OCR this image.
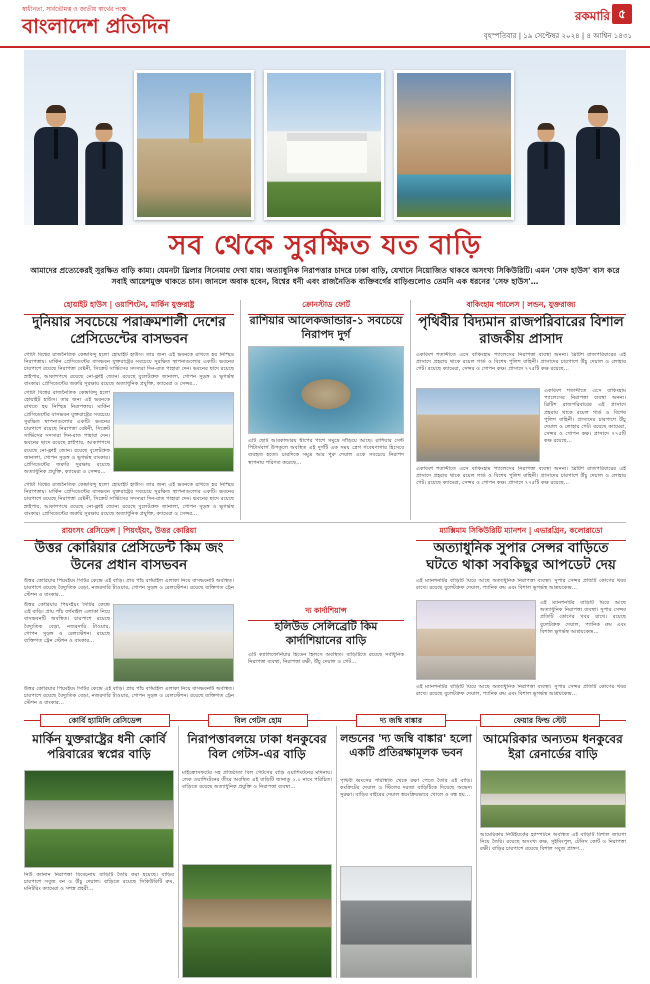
স্বাধীনতা, সার্বভৌমত্ব ও জাতীয় স্বার্থের পক্ষে
বাংলাদেশ প্রতিদিন	রকমারি ৫
বৃহস্পতিবার | ১৯ সেপ্টেম্বর ২০২৪ | ৪ আশ্বিন ১৪৩১
সব থেকে সুরক্ষিত যত বাড়ি
আমাদের প্রত্যেকেরই সুরক্ষিত বাড়ি কাম্য। যেমনটা থ্রিলার সিনেমায় দেখা যায়। অত্যাধুনিক নিরাপত্তার চাদরে ঢাকা বাড়ি, যেখানে নিয়োজিত থাকবে অসংখ্য সিকিউরিটি। এমন 'সেফ হাউস' বাস করে সবাই আয়েশমুক্ত থাকতে চান। জানলে অবাক হবেন, বিশ্বের ধনী এবং রাজনৈতিক ব্যক্তিবর্গের বাড়িগুলোও তেমনি এক ধরনের 'সেফ হাউস'…
হোয়াইট হাউস | ওয়াশিংটন, মার্কিন যুক্তরাষ্ট্র
দুনিয়ার সবচেয়ে পরাক্রমশালী দেশের প্রেসিডেন্টের বাসভবন
গোটা বিশ্বের রাজনৈতিক কেন্দ্রবিন্দু হলো হোয়াইট হাউস। তার জন্য এই ভবনকে রাখতে হয় নিশ্ছিদ্র নিরাপত্তায়। মার্কিন প্রেসিডেন্টের বাসভবন যুক্তরাষ্ট্রের সবচেয়ে সুরক্ষিত স্থাপনাগুলোর একটি। ভবনের চারপাশে রয়েছে নিরাপত্তা বেষ্টনী, সিক্রেট সার্ভিসের সদস্যরা দিন-রাত পাহারা দেন। ভবনের ছাদে রয়েছে স্নাইপার, আকাশপথে রয়েছে নো-ফ্লাই জোন। রয়েছে বুলেটপ্রুফ জানালা, গোপন সুড়ঙ্গ ও ভূগর্ভস্থ বাংকার। প্রেসিডেন্টের জরুরি সুরক্ষায় রয়েছে অত্যাধুনিক প্রযুক্তি, ক্যামেরা ও সেন্সর…
গোটা বিশ্বের রাজনৈতিক কেন্দ্রবিন্দু হলো হোয়াইট হাউস। তার জন্য এই ভবনকে রাখতে হয় নিশ্ছিদ্র নিরাপত্তায়। মার্কিন প্রেসিডেন্টের বাসভবন যুক্তরাষ্ট্রের সবচেয়ে সুরক্ষিত স্থাপনাগুলোর একটি। ভবনের চারপাশে রয়েছে নিরাপত্তা বেষ্টনী, সিক্রেট সার্ভিসের সদস্যরা দিন-রাত পাহারা দেন। ভবনের ছাদে রয়েছে স্নাইপার, আকাশপথে রয়েছে নো-ফ্লাই জোন। রয়েছে বুলেটপ্রুফ জানালা, গোপন সুড়ঙ্গ ও ভূগর্ভস্থ বাংকার। প্রেসিডেন্টের জরুরি সুরক্ষায় রয়েছে অত্যাধুনিক প্রযুক্তি, ক্যামেরা ও সেন্সর…
গোটা বিশ্বের রাজনৈতিক কেন্দ্রবিন্দু হলো হোয়াইট হাউস। তার জন্য এই ভবনকে রাখতে হয় নিশ্ছিদ্র নিরাপত্তায়। মার্কিন প্রেসিডেন্টের বাসভবন যুক্তরাষ্ট্রের সবচেয়ে সুরক্ষিত স্থাপনাগুলোর একটি। ভবনের চারপাশে রয়েছে নিরাপত্তা বেষ্টনী, সিক্রেট সার্ভিসের সদস্যরা দিন-রাত পাহারা দেন। ভবনের ছাদে রয়েছে স্নাইপার, আকাশপথে রয়েছে নো-ফ্লাই জোন। রয়েছে বুলেটপ্রুফ জানালা, গোপন সুড়ঙ্গ ও ভূগর্ভস্থ বাংকার। প্রেসিডেন্টের জরুরি সুরক্ষায় রয়েছে অত্যাধুনিক প্রযুক্তি, ক্যামেরা ও সেন্সর…
ক্রোনস্টাড ফোর্ট
রাশিয়ার আলেকজান্ডার-১ সবচেয়ে নিরাপদ দুর্গ
এটি ছোট আরকান্ডারয় দ্বীপের পাশে সমুদ্রে দাঁড়িয়ে আছে। রাশিয়ার সেন্ট পিটার্সবার্গ উপকূলে অবস্থিত এই দুর্গটি এক সময় প্লেগ গবেষণাগার হিসেবে ব্যবহৃত হতো। চারদিকে সমুদ্র আর পুরু দেয়াল একে সবচেয়ে নিরাপদ স্থাপনায় পরিণত করেছে…
বাকিংহাম প্যালেস | লন্ডন, যুক্তরাজ্য
পৃথিবীর বিদ্যমান রাজপরিবারের বিশাল রাজকীয় প্রাসাদ
একবিংশ শতাব্দীতে এসে বাকিংহাম প্যালেসের নিরাপত্তা ব্যবস্থা অনন্য। ব্রিটিশ রাজপরিবারের এই প্রাসাদে প্রহরায় থাকে রয়েল গার্ড ও বিশেষ পুলিশ বাহিনী। প্রাসাদের চারপাশে উঁচু দেয়াল ও লোহার গেট। রয়েছে ক্যামেরা, সেন্সর ও গোপন কক্ষ। প্রাসাদে ৭৭৫টি কক্ষ রয়েছে…
একবিংশ শতাব্দীতে এসে বাকিংহাম প্যালেসের নিরাপত্তা ব্যবস্থা অনন্য। ব্রিটিশ রাজপরিবারের এই প্রাসাদে প্রহরায় থাকে রয়েল গার্ড ও বিশেষ পুলিশ বাহিনী। প্রাসাদের চারপাশে উঁচু দেয়াল ও লোহার গেট। রয়েছে ক্যামেরা, সেন্সর ও গোপন কক্ষ। প্রাসাদে ৭৭৫টি কক্ষ রয়েছে…
একবিংশ শতাব্দীতে এসে বাকিংহাম প্যালেসের নিরাপত্তা ব্যবস্থা অনন্য। ব্রিটিশ রাজপরিবারের এই প্রাসাদে প্রহরায় থাকে রয়েল গার্ড ও বিশেষ পুলিশ বাহিনী। প্রাসাদের চারপাশে উঁচু দেয়াল ও লোহার গেট। রয়েছে ক্যামেরা, সেন্সর ও গোপন কক্ষ। প্রাসাদে ৭৭৫টি কক্ষ রয়েছে…
রায়ংসং রেসিডেন্স | পিয়ংইয়ং, উত্তর কোরিয়া
উত্তর কোরিয়ার প্রেসিডেন্ট কিম জং উনের প্রধান বাসভবন
উত্তর কোরিয়ার পিয়ংইয়ং সিটির কেন্দ্রে এই বাড়ি। প্রায় পাঁচ বর্গমাইল এলাকা নিয়ে বাসভবনটি অবস্থিত। চারপাশে রয়েছে বৈদ্যুতিক বেড়া, নজরদারি টাওয়ার, গোপন সুড়ঙ্গ ও রেলস্টেশন। রয়েছে ব্যক্তিগত ট্রেন স্টেশন ও বাংকার…
উত্তর কোরিয়ার পিয়ংইয়ং সিটির কেন্দ্রে এই বাড়ি। প্রায় পাঁচ বর্গমাইল এলাকা নিয়ে বাসভবনটি অবস্থিত। চারপাশে রয়েছে বৈদ্যুতিক বেড়া, নজরদারি টাওয়ার, গোপন সুড়ঙ্গ ও রেলস্টেশন। রয়েছে ব্যক্তিগত ট্রেন স্টেশন ও বাংকার…
উত্তর কোরিয়ার পিয়ংইয়ং সিটির কেন্দ্রে এই বাড়ি। প্রায় পাঁচ বর্গমাইল এলাকা নিয়ে বাসভবনটি অবস্থিত। চারপাশে রয়েছে বৈদ্যুতিক বেড়া, নজরদারি টাওয়ার, গোপন সুড়ঙ্গ ও রেলস্টেশন। রয়েছে ব্যক্তিগত ট্রেন স্টেশন ও বাংকার…
দ্য কার্দাশিয়ান্স
হলিউড সেলিব্রেটি কিম কার্দাশিয়ানের বাড়ি
এটি ক্যালিফোর্নিয়ার হিডেন হিলসে অবস্থিত। বাড়িটিতে রয়েছে সর্বাধুনিক নিরাপত্তা ব্যবস্থা, নিরাপত্তা রক্ষী, উঁচু দেয়াল ও গেট…
ম্যাক্সিমাম সিকিউরিটি ম্যানশন | এভারগ্রিন, কলোরাডো
অত্যাধুনিক সুপার সেন্সর বাড়িতে ঘটতে থাকা সবকিছুর আপডেট দেয়
এই ম্যানশনটির বাড়িটি ঘিরে আছে অত্যাধুনিক নিরাপত্তা ব্যবস্থা। সুপার সেন্সর প্রতিটি কোণের খবর রাখে। রয়েছে বুলেটপ্রুফ দেয়াল, প্যানিক রুম এবং বিশাল ভূগর্ভস্থ আশ্রয়কেন্দ্র…
এই ম্যানশনটির বাড়িটি ঘিরে আছে অত্যাধুনিক নিরাপত্তা ব্যবস্থা। সুপার সেন্সর প্রতিটি কোণের খবর রাখে। রয়েছে বুলেটপ্রুফ দেয়াল, প্যানিক রুম এবং বিশাল ভূগর্ভস্থ আশ্রয়কেন্দ্র…
এই ম্যানশনটির বাড়িটি ঘিরে আছে অত্যাধুনিক নিরাপত্তা ব্যবস্থা। সুপার সেন্সর প্রতিটি কোণের খবর রাখে। রয়েছে বুলেটপ্রুফ দেয়াল, প্যানিক রুম এবং বিশাল ভূগর্ভস্থ আশ্রয়কেন্দ্র…
কোর্বি হ্যামিলি রেসিডেন্স	বিল গেটস হোম	দ্য জম্বি বাঙ্কার	ফেয়ার ফিল্ড স্টেট
মার্কিন যুক্তরাষ্ট্রের ধনী কোর্বি পরিবারের স্বপ্নের বাড়ি
নিউ ক্যানান নিরাপত্তা বিবেচনায় বাড়িটি তৈরি করা হয়েছে। বাড়ির চারপাশে সবুজ বন ও উঁচু দেয়াল। বাড়িতে রয়েছে সিকিউরিটি রুম, মনিটরিং ক্যামেরা ও সশস্ত্র প্রহরী…
নিরাপত্তাবলয়ে ঢাকা ধনকুবের বিল গেটস-এর বাড়ি
মাইক্রোসফটের সহ প্রতিষ্ঠাতা বিল গেটসের বাড়ি ওয়াশিংটনের মদিনায়। লেক ওয়াশিংটনের তীরে অবস্থিত এই বাড়িটি জানাডু ২.০ নামে পরিচিত। বাড়িতে রয়েছে অত্যাধুনিক প্রযুক্তি ও নিরাপত্তা ব্যবস্থা…
লন্ডনের 'দ্য জম্বি বাঙ্কার' হলো একটি প্রতিরক্ষামূলক ভবন
পৃথিবী ধ্বংসের পরিস্থিতি থেকে রক্ষা পেতে তৈরি এই বাড়ি। কংক্রিটের দেয়াল ও স্টিলের দরজা বাড়িটিকে দিয়েছে অভেদ্য সুরক্ষা। বাড়ির বাইরের দেয়াল স্বয়ংক্রিয়ভাবে খোলে ও বন্ধ হয়…
আমেরিকার অন্যতম ধনকুবের ইরা রেনার্ডের বাড়ি
আমেরিকার নিউইয়র্কের হ্যাম্পটনে অবস্থিত এই বাড়িটি বিশাল জায়গা নিয়ে তৈরি। রয়েছে অসংখ্য কক্ষ, সুইমিংপুল, টেনিস কোর্ট ও নিরাপত্তা রক্ষী। বাড়ির চারপাশে রয়েছে বিশাল সবুজ প্রাঙ্গণ…
